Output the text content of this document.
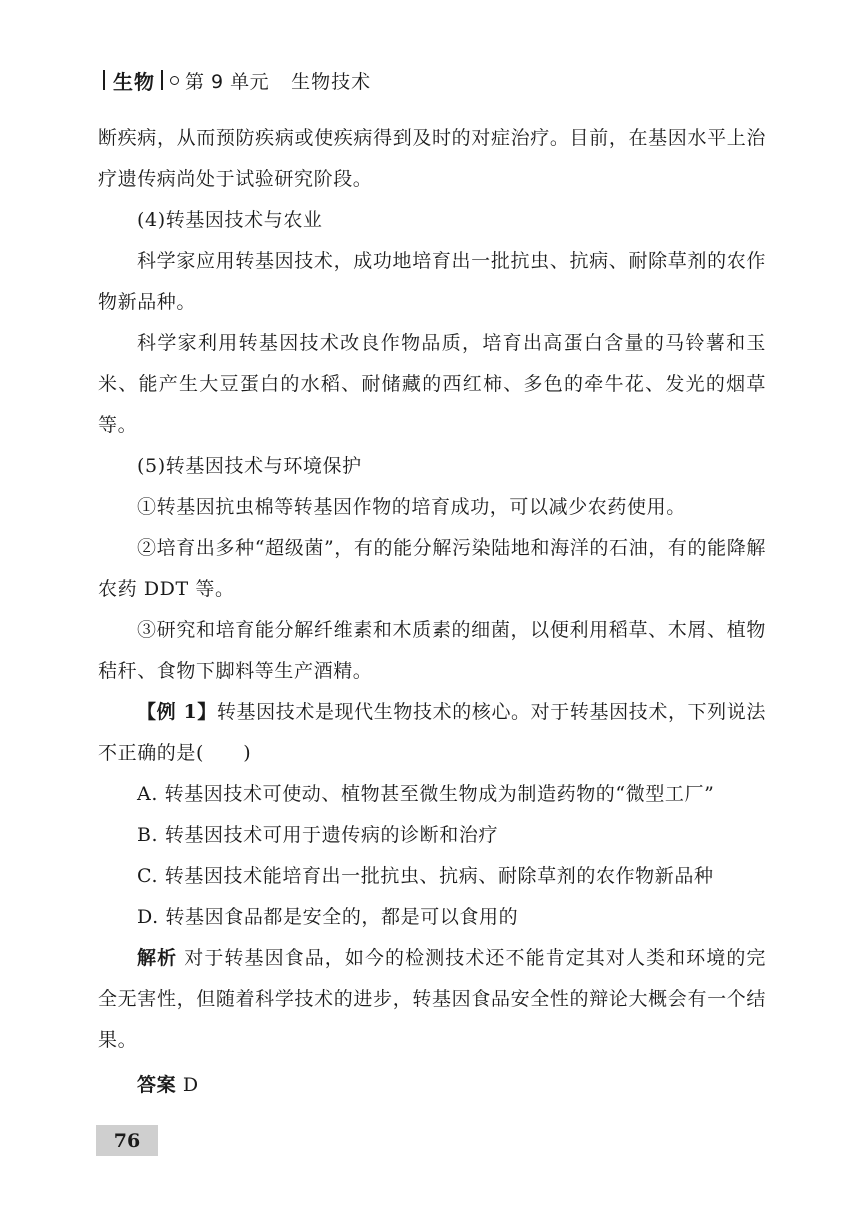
生物 第 9 单元 生物技术

断疾病，从而预防疾病或使疾病得到及时的对症治疗。目前，在基因水平上治疗遗传病尚处于试验研究阶段。

(4)转基因技术与农业

科学家应用转基因技术，成功地培育出一批抗虫、抗病、耐除草剂的农作物新品种。

科学家利用转基因技术改良作物品质，培育出高蛋白含量的马铃薯和玉米、能产生大豆蛋白的水稻、耐储藏的西红柿、多色的牵牛花、发光的烟草等。

(5)转基因技术与环境保护

①转基因抗虫棉等转基因作物的培育成功，可以减少农药使用。

②培育出多种“超级菌”，有的能分解污染陆地和海洋的石油，有的能降解农药 DDT 等。

③研究和培育能分解纤维素和木质素的细菌，以便利用稻草、木屑、植物秸秆、食物下脚料等生产酒精。

【例 1】转基因技术是现代生物技术的核心。对于转基因技术，下列说法不正确的是(　　)

A. 转基因技术可使动、植物甚至微生物成为制造药物的“微型工厂”

B. 转基因技术可用于遗传病的诊断和治疗

C. 转基因技术能培育出一批抗虫、抗病、耐除草剂的农作物新品种

D. 转基因食品都是安全的，都是可以食用的

解析 对于转基因食品，如今的检测技术还不能肯定其对人类和环境的完全无害性，但随着科学技术的进步，转基因食品安全性的辩论大概会有一个结果。

答案 D

76
